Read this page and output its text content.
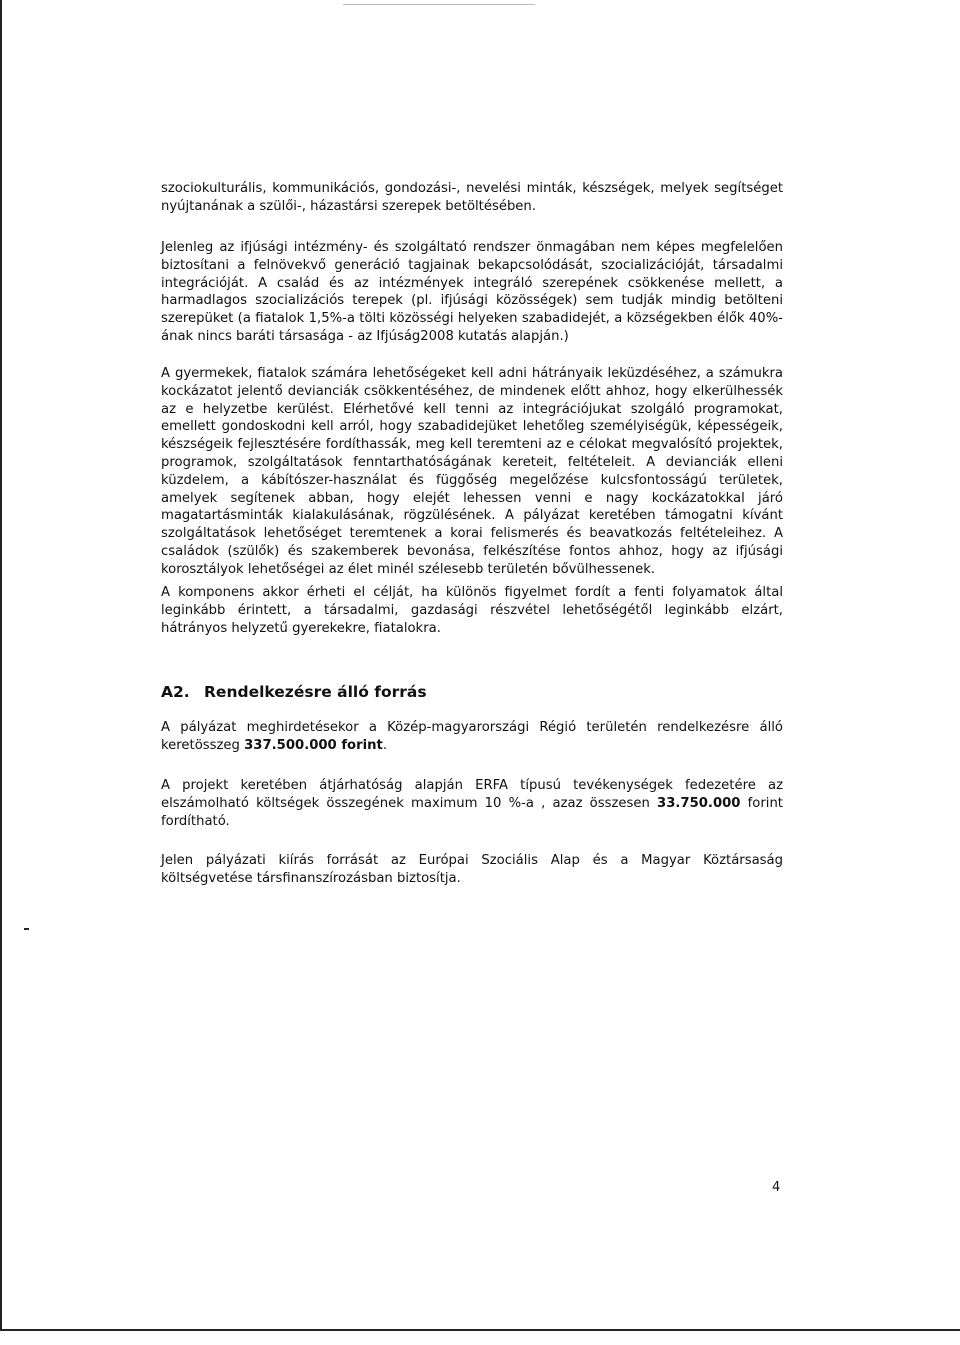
szociokulturális, kommunikációs, gondozási-, nevelési minták, készségek, melyek segítséget nyújtanának a szülői-, házastársi szerepek betöltésében.

Jelenleg az ifjúsági intézmény- és szolgáltató rendszer önmagában nem képes megfelelően biztosítani a felnövekvő generáció tagjainak bekapcsolódását, szocializációját, társadalmi integrációját. A család és az intézmények integráló szerepének csökkenése mellett, a harmadlagos szocializációs terepek (pl. ifjúsági közösségek) sem tudják mindig betölteni szerepüket (a fiatalok 1,5%-a tölti közösségi helyeken szabadidejét, a községekben élők 40%-ának nincs baráti társasága - az Ifjúság2008 kutatás alapján.)

A gyermekek, fiatalok számára lehetőségeket kell adni hátrányaik leküzdéséhez, a számukra kockázatot jelentő devianciák csökkentéséhez, de mindenek előtt ahhoz, hogy elkerülhessék az e helyzetbe kerülést. Elérhetővé kell tenni az integrációjukat szolgáló programokat, emellett gondoskodni kell arról, hogy szabadidejüket lehetőleg személyiségük, képességeik, készségeik fejlesztésére fordíthassák, meg kell teremteni az e célokat megvalósító projektek, programok, szolgáltatások fenntarthatóságának kereteit, feltételeit. A devianciák elleni küzdelem, a kábítószer-használat és függőség megelőzése kulcsfontosságú területek, amelyek segítenek abban, hogy elejét lehessen venni e nagy kockázatokkal járó magatartásminták kialakulásának, rögzülésének. A pályázat keretében támogatni kívánt szolgáltatások lehetőséget teremtenek a korai felismerés és beavatkozás feltételeihez. A családok (szülők) és szakemberek bevonása, felkészítése fontos ahhoz, hogy az ifjúsági korosztályok lehetőségei az élet minél szélesebb területén bővülhessenek.

A komponens akkor érheti el célját, ha különös figyelmet fordít a fenti folyamatok által leginkább érintett, a társadalmi, gazdasági részvétel lehetőségétől leginkább elzárt, hátrányos helyzetű gyerekekre, fiatalokra.

A2. Rendelkezésre álló forrás

A pályázat meghirdetésekor a Közép-magyarországi Régió területén rendelkezésre álló keretösszeg 337.500.000 forint.

A projekt keretében átjárhatóság alapján ERFA típusú tevékenységek fedezetére az elszámolható költségek összegének maximum 10 %-a , azaz összesen 33.750.000 forint fordítható.

Jelen pályázati kiírás forrását az Európai Szociális Alap és a Magyar Köztársaság költségvetése társfinanszírozásban biztosítja.

4
